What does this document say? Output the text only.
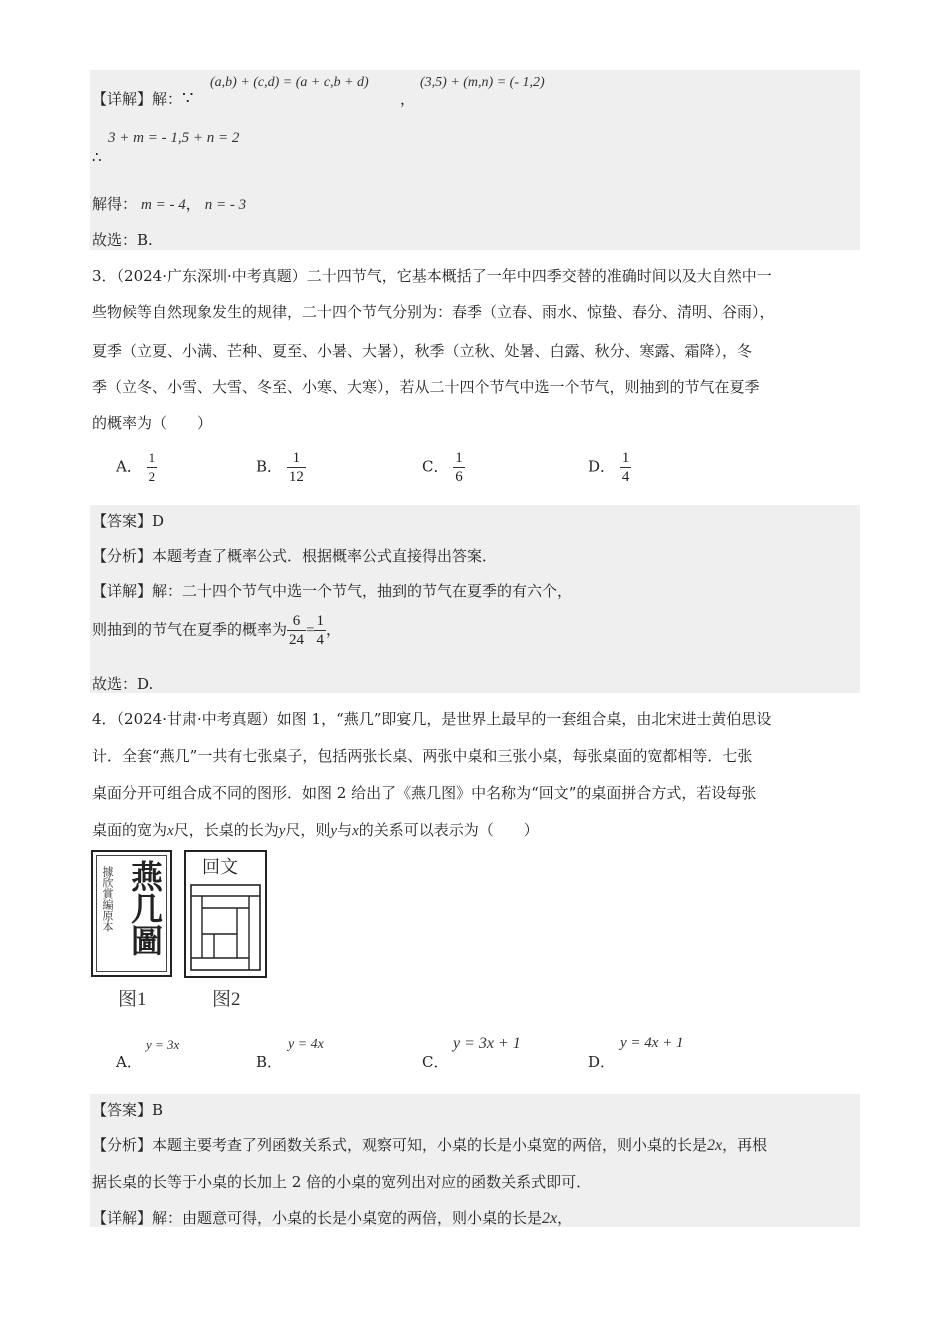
【详解】解：∵
(a,b) + (c,d) = (a + c,b + d)
，
(3,5) + (m,n) = (- 1,2)
3 + m = - 1,5 + n = 2
∴
解得： m = - 4， n = - 3
故选：B.
3．（2024·广东深圳·中考真题）二十四节气，它基本概括了一年中四季交替的准确时间以及大自然中一
些物候等自然现象发生的规律，二十四个节气分别为：春季（立春、雨水、惊蛰、春分、清明、谷雨），
夏季（立夏、小满、芒种、夏至、小暑、大暑），秋季（立秋、处暑、白露、秋分、寒露、霜降），冬
季（立冬、小雪、大雪、冬至、小寒、大寒），若从二十四个节气中选一个节气，则抽到的节气在夏季
的概率为（　　）
A． $\frac{1}{2}$	B． $\frac{1}{12}$	C． $\frac{1}{6}$	D． $\frac{1}{4}$
【答案】D
【分析】本题考查了概率公式．根据概率公式直接得出答案．
【详解】解：二十四个节气中选一个节气，抽到的节气在夏季的有六个，
则抽到的节气在夏季的概率为 $\frac{6}{24} = \frac{1}{4}$ ，
故选：D.
4．（2024·甘肃·中考真题）如图 1，“燕几”即宴几，是世界上最早的一套组合桌，由北宋进士黄伯思设
计．全套“燕几”一共有七张桌子，包括两张长桌、两张中桌和三张小桌，每张桌面的宽都相等．七张
桌面分开可组合成不同的图形．如图 2 给出了《燕几图》中名称为“回文”的桌面拼合方式，若设每张
桌面的宽为x尺，长桌的长为y尺，则y与x的关系可以表示为（　　）
據欣賞編原本 燕几圖
图1
回文
图2
A．
y = 3x
B．
y = 4x
C．
y = 3x + 1
D．
y = 4x + 1
【答案】B
【分析】本题主要考查了列函数关系式，观察可知，小桌的长是小桌宽的两倍，则小桌的长是2x，再根
据长桌的长等于小桌的长加上 2 倍的小桌的宽列出对应的函数关系式即可．
【详解】解：由题意可得，小桌的长是小桌宽的两倍，则小桌的长是2x，
